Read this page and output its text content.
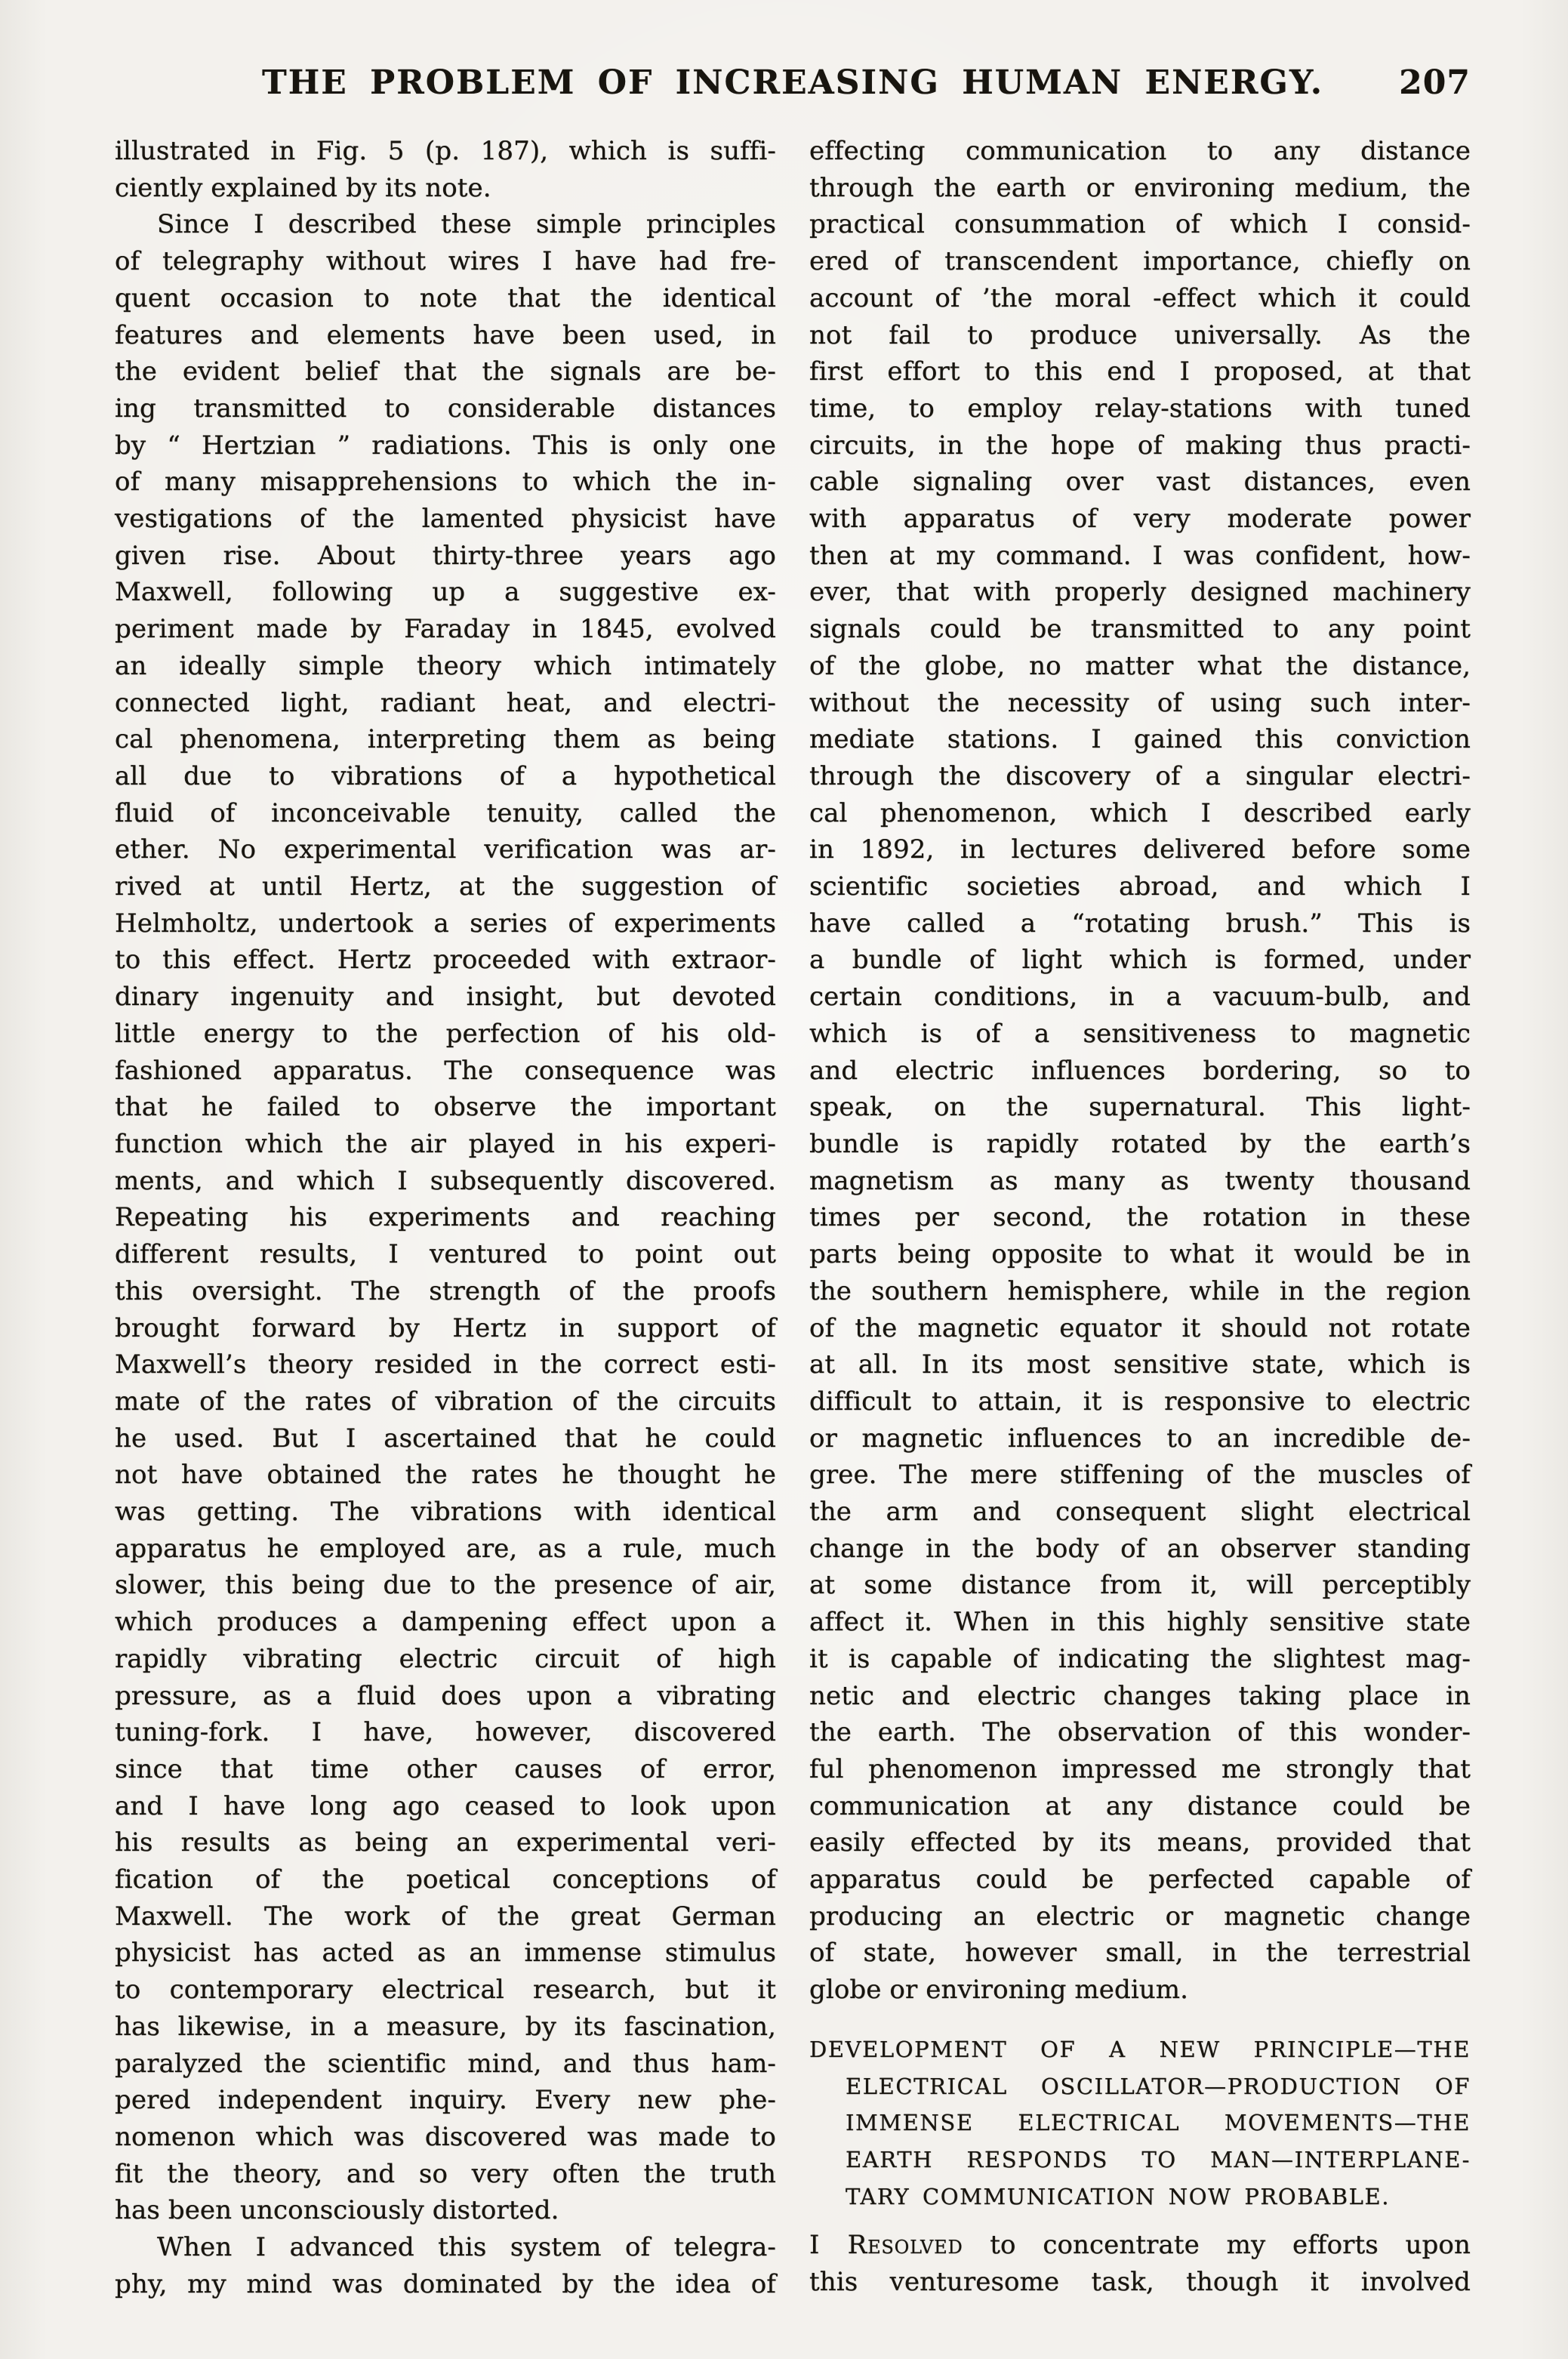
THE PROBLEM OF INCREASING HUMAN ENERGY.	207
illustrated in Fig. 5 (p. 187), which is suffi-
ciently explained by its note.
Since I described these simple principles
of telegraphy without wires I have had fre-
quent occasion to note that the identical
features and elements have been used, in
the evident belief that the signals are be-
ing transmitted to considerable distances
by “ Hertzian ” radiations. This is only one
of many misapprehensions to which the in-
vestigations of the lamented physicist have
given rise. About thirty-three years ago
Maxwell, following up a suggestive ex-
periment made by Faraday in 1845, evolved
an ideally simple theory which intimately
connected light, radiant heat, and electri-
cal phenomena, interpreting them as being
all due to vibrations of a hypothetical
fluid of inconceivable tenuity, called the
ether. No experimental verification was ar-
rived at until Hertz, at the suggestion of
Helmholtz, undertook a series of experiments
to this effect. Hertz proceeded with extraor-
dinary ingenuity and insight, but devoted
little energy to the perfection of his old-
fashioned apparatus. The consequence was
that he failed to observe the important
function which the air played in his experi-
ments, and which I subsequently discovered.
Repeating his experiments and reaching
different results, I ventured to point out
this oversight. The strength of the proofs
brought forward by Hertz in support of
Maxwell’s theory resided in the correct esti-
mate of the rates of vibration of the circuits
he used. But I ascertained that he could
not have obtained the rates he thought he
was getting. The vibrations with identical
apparatus he employed are, as a rule, much
slower, this being due to the presence of air,
which produces a dampening effect upon a
rapidly vibrating electric circuit of high
pressure, as a fluid does upon a vibrating
tuning-fork. I have, however, discovered
since that time other causes of error,
and I have long ago ceased to look upon
his results as being an experimental veri-
fication of the poetical conceptions of
Maxwell. The work of the great German
physicist has acted as an immense stimulus
to contemporary electrical research, but it
has likewise, in a measure, by its fascination,
paralyzed the scientific mind, and thus ham-
pered independent inquiry. Every new phe-
nomenon which was discovered was made to
fit the theory, and so very often the truth
has been unconsciously distorted.
When I advanced this system of telegra-
phy, my mind was dominated by the idea of
effecting communication to any distance
through the earth or environing medium, the
practical consummation of which I consid-
ered of transcendent importance, chiefly on
account of ’the moral -effect which it could
not fail to produce universally. As the
first effort to this end I proposed, at that
time, to employ relay-stations with tuned
circuits, in the hope of making thus practi-
cable signaling over vast distances, even
with apparatus of very moderate power
then at my command. I was confident, how-
ever, that with properly designed machinery
signals could be transmitted to any point
of the globe, no matter what the distance,
without the necessity of using such inter-
mediate stations. I gained this conviction
through the discovery of a singular electri-
cal phenomenon, which I described early
in 1892, in lectures delivered before some
scientific societies abroad, and which I
have called a “rotating brush.” This is
a bundle of light which is formed, under
certain conditions, in a vacuum-bulb, and
which is of a sensitiveness to magnetic
and electric influences bordering, so to
speak, on the supernatural. This light-
bundle is rapidly rotated by the earth’s
magnetism as many as twenty thousand
times per second, the rotation in these
parts being opposite to what it would be in
the southern hemisphere, while in the region
of the magnetic equator it should not rotate
at all. In its most sensitive state, which is
difficult to attain, it is responsive to electric
or magnetic influences to an incredible de-
gree. The mere stiffening of the muscles of
the arm and consequent slight electrical
change in the body of an observer standing
at some distance from it, will perceptibly
affect it. When in this highly sensitive state
it is capable of indicating the slightest mag-
netic and electric changes taking place in
the earth. The observation of this wonder-
ful phenomenon impressed me strongly that
communication at any distance could be
easily effected by its means, provided that
apparatus could be perfected capable of
producing an electric or magnetic change
of state, however small, in the terrestrial
globe or environing medium.
DEVELOPMENT OF A NEW PRINCIPLE—THE
ELECTRICAL OSCILLATOR—PRODUCTION OF
IMMENSE ELECTRICAL MOVEMENTS—THE
EARTH RESPONDS TO MAN—INTERPLANE-
TARY COMMUNICATION NOW PROBABLE.
I Resolved to concentrate my efforts upon
this venturesome task, though it involved
